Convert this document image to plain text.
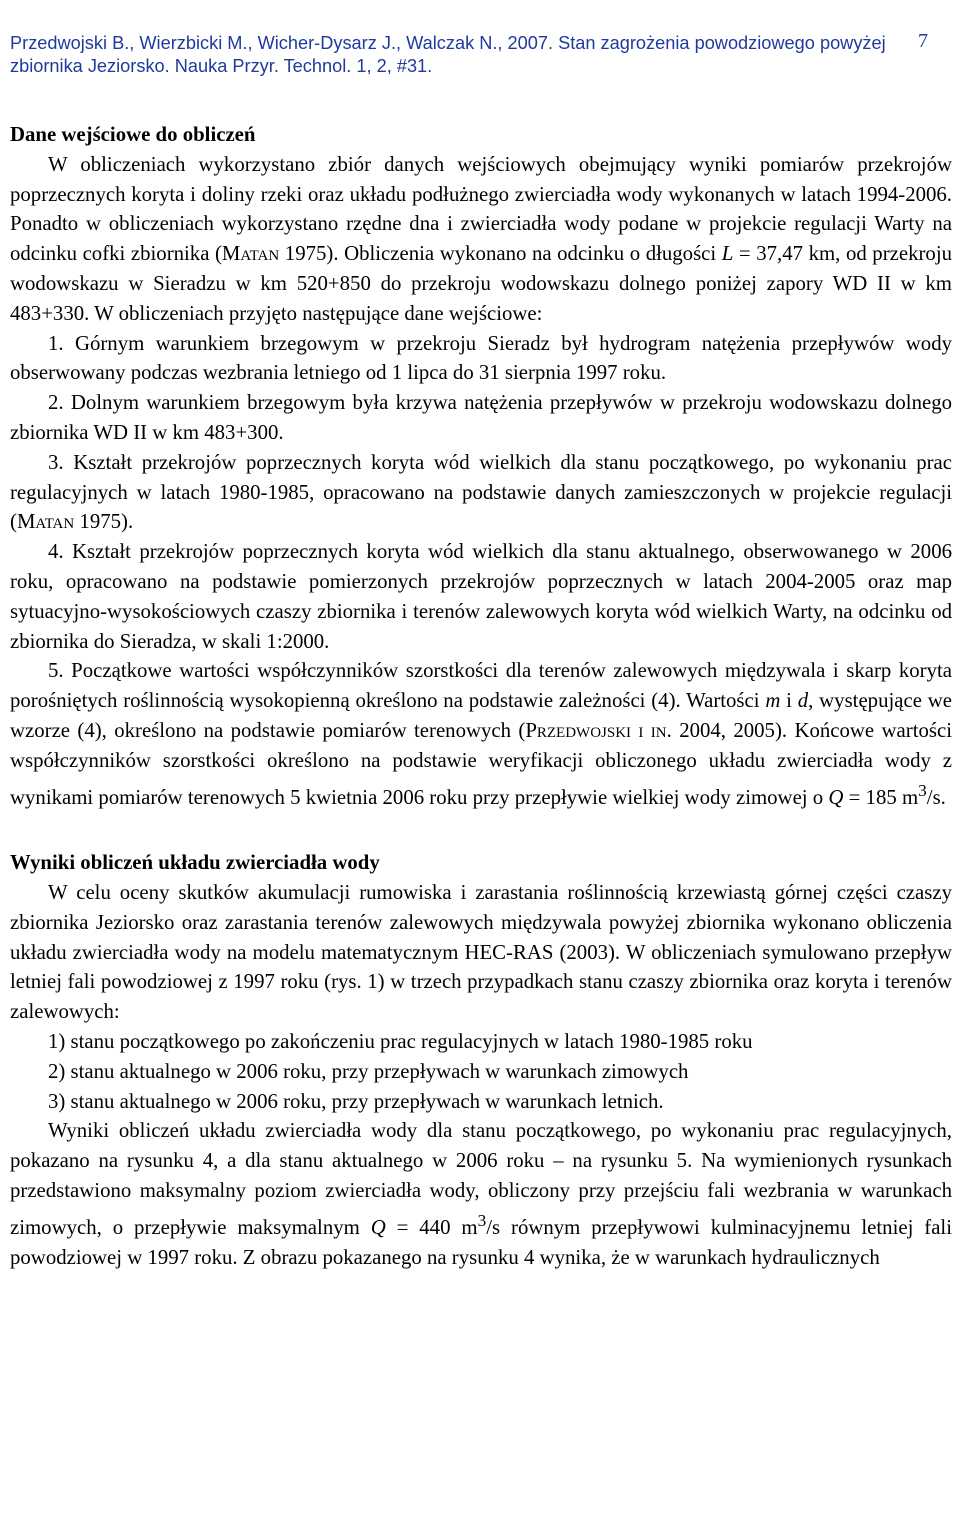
7
Przedwojski B., Wierzbicki M., Wicher-Dysarz J., Walczak N., 2007. Stan zagrożenia powodziowego powyżej
zbiornika Jeziorsko. Nauka Przyr. Technol. 1, 2, #31.

Dane wejściowe do obliczeń

W obliczeniach wykorzystano zbiór danych wejściowych obejmujący wyniki pomiarów przekrojów poprzecznych koryta i doliny rzeki oraz układu podłużnego zwierciadła wody wykonanych w latach 1994-2006. Ponadto w obliczeniach wykorzystano rzędne dna i zwierciadła wody podane w projekcie regulacji Warty na odcinku cofki zbiornika (Matan 1975). Obliczenia wykonano na odcinku o długości L = 37,47 km, od przekroju wodowskazu w Sieradzu w km 520+850 do przekroju wodowskazu dolnego poniżej zapory WD II w km 483+330. W obliczeniach przyjęto następujące dane wejściowe:

1. Górnym warunkiem brzegowym w przekroju Sieradz był hydrogram natężenia przepływów wody obserwowany podczas wezbrania letniego od 1 lipca do 31 sierpnia 1997 roku.

2. Dolnym warunkiem brzegowym była krzywa natężenia przepływów w przekroju wodowskazu dolnego zbiornika WD II w km 483+300.

3. Kształt przekrojów poprzecznych koryta wód wielkich dla stanu początkowego, po wykonaniu prac regulacyjnych w latach 1980-1985, opracowano na podstawie danych zamieszczonych w projekcie regulacji (Matan 1975).

4. Kształt przekrojów poprzecznych koryta wód wielkich dla stanu aktualnego, obserwowanego w 2006 roku, opracowano na podstawie pomierzonych przekrojów poprzecznych w latach 2004-2005 oraz map sytuacyjno-wysokościowych czaszy zbiornika i terenów zalewowych koryta wód wielkich Warty, na odcinku od zbiornika do Sieradza, w skali 1:2000.

5. Początkowe wartości współczynników szorstkości dla terenów zalewowych międzywala i skarp koryta porośniętych roślinnością wysokopienną określono na podstawie zależności (4). Wartości m i d, występujące we wzorze (4), określono na podstawie pomiarów terenowych (Przedwojski i in. 2004, 2005). Końcowe wartości współczynników szorstkości określono na podstawie weryfikacji obliczonego układu zwierciadła wody z wynikami pomiarów terenowych 5 kwietnia 2006 roku przy przepływie wielkiej wody zimowej o Q = 185 $m^3/s$.

Wyniki obliczeń układu zwierciadła wody

W celu oceny skutków akumulacji rumowiska i zarastania roślinnością krzewiastą górnej części czaszy zbiornika Jeziorsko oraz zarastania terenów zalewowych międzywala powyżej zbiornika wykonano obliczenia układu zwierciadła wody na modelu matematycznym HEC-RAS (2003). W obliczeniach symulowano przepływ letniej fali powodziowej z 1997 roku (rys. 1) w trzech przypadkach stanu czaszy zbiornika oraz koryta i terenów zalewowych:

1) stanu początkowego po zakończeniu prac regulacyjnych w latach 1980-1985 roku

2) stanu aktualnego w 2006 roku, przy przepływach w warunkach zimowych

3) stanu aktualnego w 2006 roku, przy przepływach w warunkach letnich.

Wyniki obliczeń układu zwierciadła wody dla stanu początkowego, po wykonaniu prac regulacyjnych, pokazano na rysunku 4, a dla stanu aktualnego w 2006 roku – na rysunku 5. Na wymienionych rysunkach przedstawiono maksymalny poziom zwierciadła wody, obliczony przy przejściu fali wezbrania w warunkach zimowych, o przepływie maksymalnym Q = 440 $m^3/s$ równym przepływowi kulminacyjnemu letniej fali powodziowej w 1997 roku. Z obrazu pokazanego na rysunku 4 wynika, że w warunkach hydraulicznych
